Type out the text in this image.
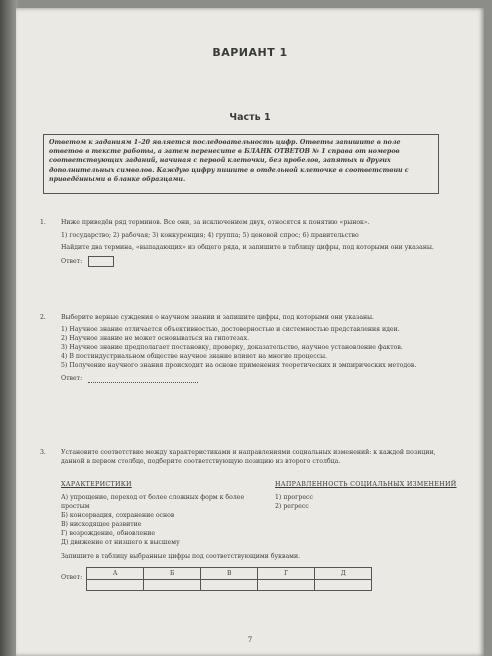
ВАРИАНТ 1
Часть 1
Ответом к заданиям 1–20 является последовательность цифр. Ответы запишите в поле ответов в тексте работы, а затем перенесите в БЛАНК ОТВЕТОВ № 1 справа от номеров соответствующих заданий, начиная с первой клеточки, без пробелов, запятых и других дополнительных символов. Каждую цифру пишите в отдельной клеточке в соответствии с приведёнными в бланке образцами.
1.	Ниже приведён ряд терминов. Все они, за исключением двух, относятся к понятию «рынок».
1) государство; 2) рабочая; 3) конкуренция; 4) группа; 5) ценовой спрос; 6) правительство
Найдите два термина, «выпадающих» из общего ряда, и запишите в таблицу цифры, под которыми они указаны.
Ответ:
2.	Выберите верные суждения о научном знании и запишите цифры, под которыми они указаны.
1) Научное знание отличается объективностью, достоверностью и системностью представления идеи.
2) Научное знание не может основываться на гипотезах.
3) Научное знание предполагает постановку, проверку, доказательство, научное установление фактов.
4) В постиндустриальном обществе научное знание влияет на многие процессы.
5) Получение научного знания происходит на основе применения теоретических и эмпирических методов.
Ответ:
3.	Установите соответствие между характеристиками и направлениями социальных изменений: к каждой позиции, данной в первом столбце, подберите соответствующую позицию из второго столбца.
ХАРАКТЕРИСТИКИ
А) упрощение, переход от более сложных форм к более простым
Б) консервация, сохранение основ
В) нисходящее развитие
Г) возрождение, обновление
Д) движение от низшего к высшему
НАПРАВЛЕННОСТЬ СОЦИАЛЬНЫХ ИЗМЕНЕНИЙ
1) прогресс
2) регресс
Запишите в таблицу выбранные цифры под соответствующими буквами.
Ответ:	А	Б	В	Г	Д

7
